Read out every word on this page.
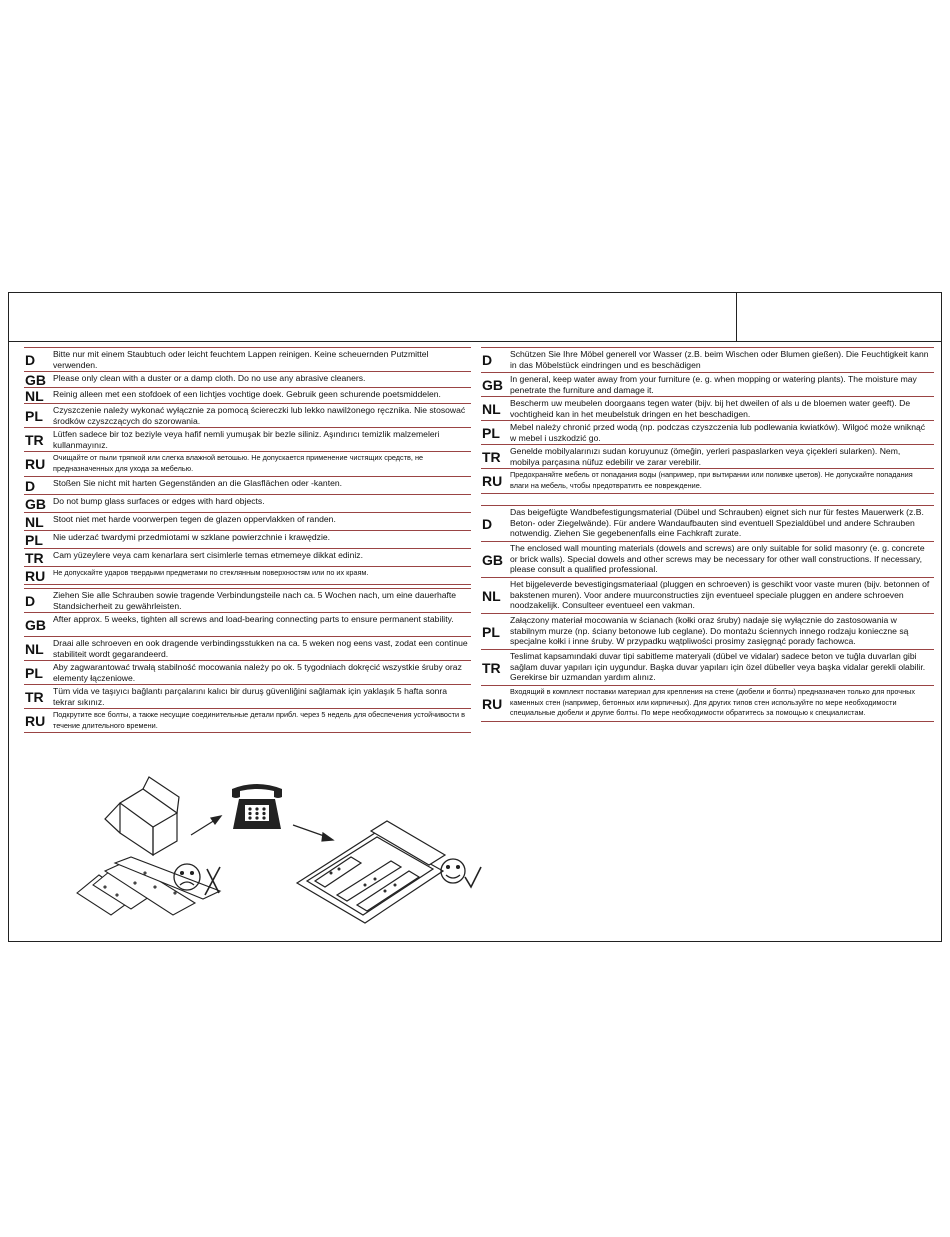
D	Bitte nur mit einem Staubtuch oder leicht feuchtem Lappen reinigen. Keine scheuernden Putzmittel verwenden.
GB Please only clean with a duster or a damp cloth. Do no use any abrasive cleaners.
NL	Reinig alleen met een stofdoek of een lichtjes vochtige doek. Gebruik geen schurende poetsmiddelen.
PL	Czyszczenie należy wykonać wyłącznie za pomocą ściereczki lub lekko nawilżonego ręcznika. Nie stosować środków czyszczących do szorowania.
TR	Lütfen sadece bir toz beziyle veya hafif nemli yumuşak bir bezle siliniz. Aşındırıcı temizlik malzemeleri kullanmayınız.
RU	Очищайте от пыли тряпкой или слегка влажной ветошью. Не допускается применение чистящих средств, не предназначенных для ухода за мебелью.
D	Stoßen Sie nicht mit harten Gegenständen an die Glasflächen oder -kanten.
GB Do not bump glass surfaces or edges with hard objects.
NL	Stoot niet met harde voorwerpen tegen de glazen oppervlakken of randen.
PL	Nie uderzać twardymi przedmiotami w szklane powierzchnie i krawędzie.
TR	Cam yüzeylere veya cam kenarlara sert cisimlerle temas etmemeye dikkat ediniz.
RU	Не допускайте ударов твердыми предметами по стеклянным поверхностям или по их краям.
D	Ziehen Sie alle Schrauben sowie tragende Verbindungsteile nach ca. 5 Wochen nach, um eine dauerhafte Standsicherheit zu gewährleisten.
GB After approx. 5 weeks, tighten all screws and load-bearing connecting parts to ensure permanent stability.
NL	Draai alle schroeven en ook dragende verbindingsstukken na ca. 5 weken nog eens vast, zodat een continue stabiliteit wordt gegarandeerd.
PL	Aby zagwarantować trwałą stabilność mocowania należy po ok. 5 tygodniach dokręcić wszystkie śruby oraz elementy łączeniowe.
TR	Tüm vida ve taşıyıcı bağlantı parçalarını kalıcı bir duruş güvenliğini sağlamak için yaklaşık 5 hafta sonra tekrar sıkınız.
RU	Подкрутите все болты, а также несущие соединительные детали прибл. через 5 недель для обеспечения устойчивости в течение длительного времени.
D	Schützen Sie Ihre Möbel generell vor Wasser (z.B. beim Wischen oder Blumen gießen). Die Feuchtigkeit kann in das Möbelstück eindringen und es beschädigen
GB In general, keep water away from your furniture (e. g. when mopping or watering plants). The moisture may penetrate the furniture and damage it.
NL	Bescherm uw meubelen doorgaans tegen water (bijv. bij het dweilen of als u de bloemen water geeft). De vochtigheid kan in het meubelstuk dringen en het beschadigen.
PL	Mebel należy chronić przed wodą (np. podczas czyszczenia lub podlewania kwiatków). Wilgoć może wniknąć w mebel i uszkodzić go.
TR	Genelde mobilyalarınızı sudan koruyunuz (ömeğin, yerleri paspaslarken veya çiçekleri sularken). Nem, mobilya parçasına nüfuz edebilir ve zarar verebilir.
RU	Предохраняйте мебель от попадания воды (например, при вытирании или поливке цветов). Не допускайте попадания влаги на мебель, чтобы предотвратить ее повреждение.
D
Das beigefügte Wandbefestigungsmaterial (Dübel und Schrauben) eignet sich nur für festes Mauerwerk (z.B. Beton- oder Ziegelwände). Für andere Wandaufbauten sind eventuell Spezialdübel und andere Schrauben notwendig. Ziehen Sie gegebenenfalls eine Fachkraft zurate.
GB
The enclosed wall mounting materials (dowels and screws) are only suitable for solid masonry (e. g. concrete or brick walls). Special dowels and other screws may be necessary for other wall constructions. If necessary, please consult a qualified professional.
NL
Het bijgeleverde bevestigingsmateriaal (pluggen en schroeven) is geschikt voor vaste muren (bijv. betonnen of bakstenen muren). Voor andere muurconstructies zijn eventueel speciale pluggen en andere schroeven noodzakelijk. Consulteer eventueel een vakman.
PL
Załączony materiał mocowania w ścianach (kołki oraz śruby) nadaje się wyłącznie do zastosowania w stabilnym murze (np. ściany betonowe lub ceglane). Do montażu ściennych innego rodzaju konieczne są specjalne kołki i inne śruby. W przypadku wątpliwości prosimy zasięgnąć porady fachowca.
TR
Teslimat kapsamındaki duvar tipi sabitleme materyali (dübel ve vidalar) sadece beton ve tuğla duvarlan gibi sağlam duvar yapıları için uygundur. Başka duvar yapıları için özel dübeller veya başka vidalar gerekli olabilir. Gerekirse bir uzmandan yardım alınız.
RU
Входящий в комплект поставки материал для крепления на стене (дюбели и болты) предназначен только для прочных каменных стен (например, бетонных или кирпичных). Для других типов стен используйте по мере необходимости специальные дюбели и другие болты. По мере необходимости обратитесь за помощью к специалистам.
